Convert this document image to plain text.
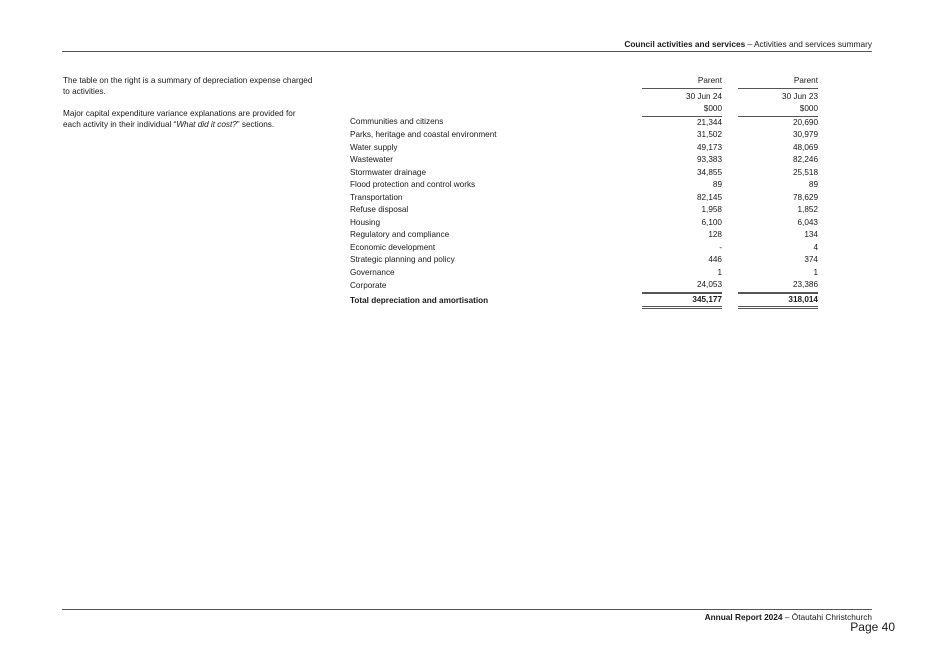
Council activities and services – Activities and services summary

The table on the right is a summary of depreciation expense charged to activities.

Major capital expenditure variance explanations are provided for each activity in their individual “What did it cost?” sections.

	Parent		Parent

	30 Jun 24		30 Jun 23
	$000		$000
Communities and citizens	21,344		20,690
Parks, heritage and coastal environment	31,502		30,979
Water supply	49,173		48,069
Wastewater	93,383		82,246
Stormwater drainage	34,855		25,518
Flood protection and control works	89		89
Transportation	82,145		78,629
Refuse disposal	1,958		1,852
Housing	6,100		6,043
Regulatory and compliance	128		134
Economic development	-		4
Strategic planning and policy	446		374
Governance	1		1
Corporate	24,053		23,386
Total depreciation and amortisation	345,177		318,014
Annual Report 2024 – Ōtautahi Christchurch
Page 40
